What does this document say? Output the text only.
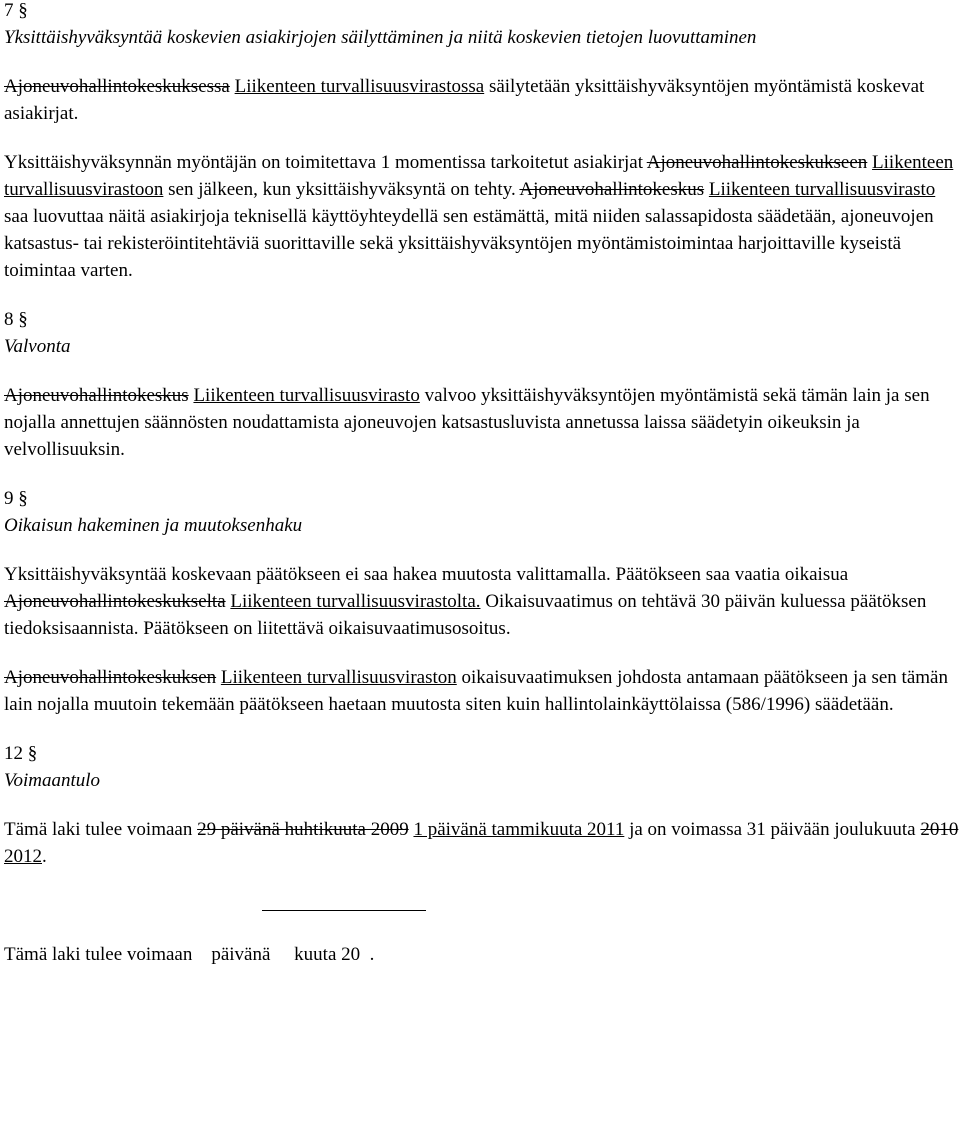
7 §

Yksittäishyväksyntää koskevien asiakirjojen säilyttäminen ja niitä koskevien tietojen luovuttaminen

Ajoneuvohallintokeskuksessa Liikenteen turvallisuusvirastossa säilytetään yksittäishyväksyntöjen myöntämistä koskevat asiakirjat.

Yksittäishyväksynnän myöntäjän on toimitettava 1 momentissa tarkoitetut asiakirjat Ajoneuvohallintokeskukseen Liikenteen turvallisuusvirastoon sen jälkeen, kun yksittäishyväksyntä on tehty. Ajoneuvohallintokeskus Liikenteen turvallisuusvirasto saa luovuttaa näitä asiakirjoja teknisellä käyttöyhteydellä sen estämättä, mitä niiden salassapidosta säädetään, ajoneuvojen katsastus- tai rekisteröintitehtäviä suorittaville sekä yksittäishyväksyntöjen myöntämistoimintaa harjoittaville kyseistä toimintaa varten.

8 §

Valvonta

Ajoneuvohallintokeskus Liikenteen turvallisuusvirasto valvoo yksittäishyväksyntöjen myöntämistä sekä tämän lain ja sen nojalla annettujen säännösten noudattamista ajoneuvojen katsastusluvista annetussa laissa säädetyin oikeuksin ja velvollisuuksin.

9 §

Oikaisun hakeminen ja muutoksenhaku

Yksittäishyväksyntää koskevaan päätökseen ei saa hakea muutosta valittamalla. Päätökseen saa vaatia oikaisua Ajoneuvohallintokeskukselta Liikenteen turvallisuusvirastolta. Oikaisuvaatimus on tehtävä 30 päivän kuluessa päätöksen tiedoksisaannista. Päätökseen on liitettävä oikaisuvaatimusosoitus.

Ajoneuvohallintokeskuksen Liikenteen turvallisuusviraston oikaisuvaatimuksen johdosta antamaan päätökseen ja sen tämän lain nojalla muutoin tekemään päätökseen haetaan muutosta siten kuin hallintolainkäyttölaissa (586/1996) säädetään.

12 §

Voimaantulo

Tämä laki tulee voimaan 29 päivänä huhtikuuta 2009 1 päivänä tammikuuta 2011 ja on voimassa 31 päivään joulukuuta 2010 2012.

Tämä laki tulee voimaan    päivänä     kuuta 20  .
